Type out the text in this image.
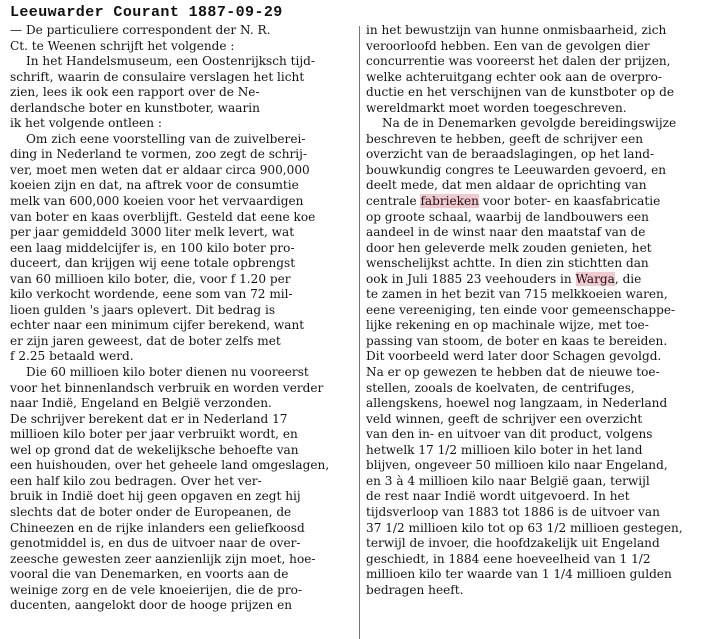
Leeuwarder Courant 1887-09-29
— De particuliere correspondent der N. R.
Ct. te Weenen schrijft het volgende :
In het Handelsmuseum, een Oostenrijksch tijd-
schrift, waarin de consulaire verslagen het licht
zien, lees ik ook een rapport over de Ne-
derlandsche boter en kunstboter, waarin
ik het volgende ontleen :
Om zich eene voorstelling van de zuivelberei-
ding in Nederland te vormen, zoo zegt de schrij-
ver, moet men weten dat er aldaar circa 900,000
koeien zijn en dat, na aftrek voor de consumtie
melk van 600,000 koeien voor het vervaardigen
van boter en kaas overblijft. Gesteld dat eene koe
per jaar gemiddeld 3000 liter melk levert, wat
een laag middelcijfer is, en 100 kilo boter pro-
duceert, dan krijgen wij eene totale opbrengst
van 60 millioen kilo boter, die, voor f 1.20 per
kilo verkocht wordende, eene som van 72 mil-
lioen gulden 's jaars oplevert. Dit bedrag is
echter naar een minimum cijfer berekend, want
er zijn jaren geweest, dat de boter zelfs met
f 2.25 betaald werd.
Die 60 millioen kilo boter dienen nu vooreerst
voor het binnenlandsch verbruik en worden verder
naar Indië, Engeland en België verzonden.
De schrijver berekent dat er in Nederland 17
millioen kilo boter per jaar verbruikt wordt, en
wel op grond dat de wekelijksche behoefte van
een huishouden, over het geheele land omgeslagen,
een half kilo zou bedragen. Over het ver-
bruik in Indië doet hij geen opgaven en zegt hij
slechts dat de boter onder de Europeanen, de
Chineezen en de rijke inlanders een geliefkoosd
genotmiddel is, en dus de uitvoer naar de over-
zeesche gewesten zeer aanzienlijk zijn moet, hoe-
vooral die van Denemarken, en voorts aan de
weinige zorg en de vele knoeierijen, die de pro-
ducenten, aangelokt door de hooge prijzen en
in het bewustzijn van hunne onmisbaarheid, zich
veroorloofd hebben. Een van de gevolgen dier
concurrentie was vooreerst het dalen der prijzen,
welke achteruitgang echter ook aan de overpro-
ductie en het verschijnen van de kunstboter op de
wereldmarkt moet worden toegeschreven.
Na de in Denemarken gevolgde bereidingswijze
beschreven te hebben, geeft de schrijver een
overzicht van de beraadslagingen, op het land-
bouwkundig congres te Leeuwarden gevoerd, en
deelt mede, dat men aldaar de oprichting van
centrale fabrieken voor boter- en kaasfabricatie
op groote schaal, waarbij de landbouwers een
aandeel in de winst naar den maatstaf van de
door hen geleverde melk zouden genieten, het
wenschelijkst achtte. In dien zin stichtten dan
ook in Juli 1885 23 veehouders in Warga, die
te zamen in het bezit van 715 melkkoeien waren,
eene vereeniging, ten einde voor gemeenschappe-
lijke rekening en op machinale wijze, met toe-
passing van stoom, de boter en kaas te bereiden.
Dit voorbeeld werd later door Schagen gevolgd.
Na er op gewezen te hebben dat de nieuwe toe-
stellen, zooals de koelvaten, de centrifuges,
allengskens, hoewel nog langzaam, in Nederland
veld winnen, geeft de schrijver een overzicht
van den in- en uitvoer van dit product, volgens
hetwelk 17 1/2 millioen kilo boter in het land
blijven, ongeveer 50 millioen kilo naar Engeland,
en 3 à 4 millioen kilo naar België gaan, terwijl
de rest naar Indië wordt uitgevoerd. In het
tijdsverloop van 1883 tot 1886 is de uitvoer van
37 1/2 millioen kilo tot op 63 1/2 millioen gestegen,
terwijl de invoer, die hoofdzakelijk uit Engeland
geschiedt, in 1884 eene hoeveelheid van 1 1/2
millioen kilo ter waarde van 1 1/4 millioen gulden
bedragen heeft.
